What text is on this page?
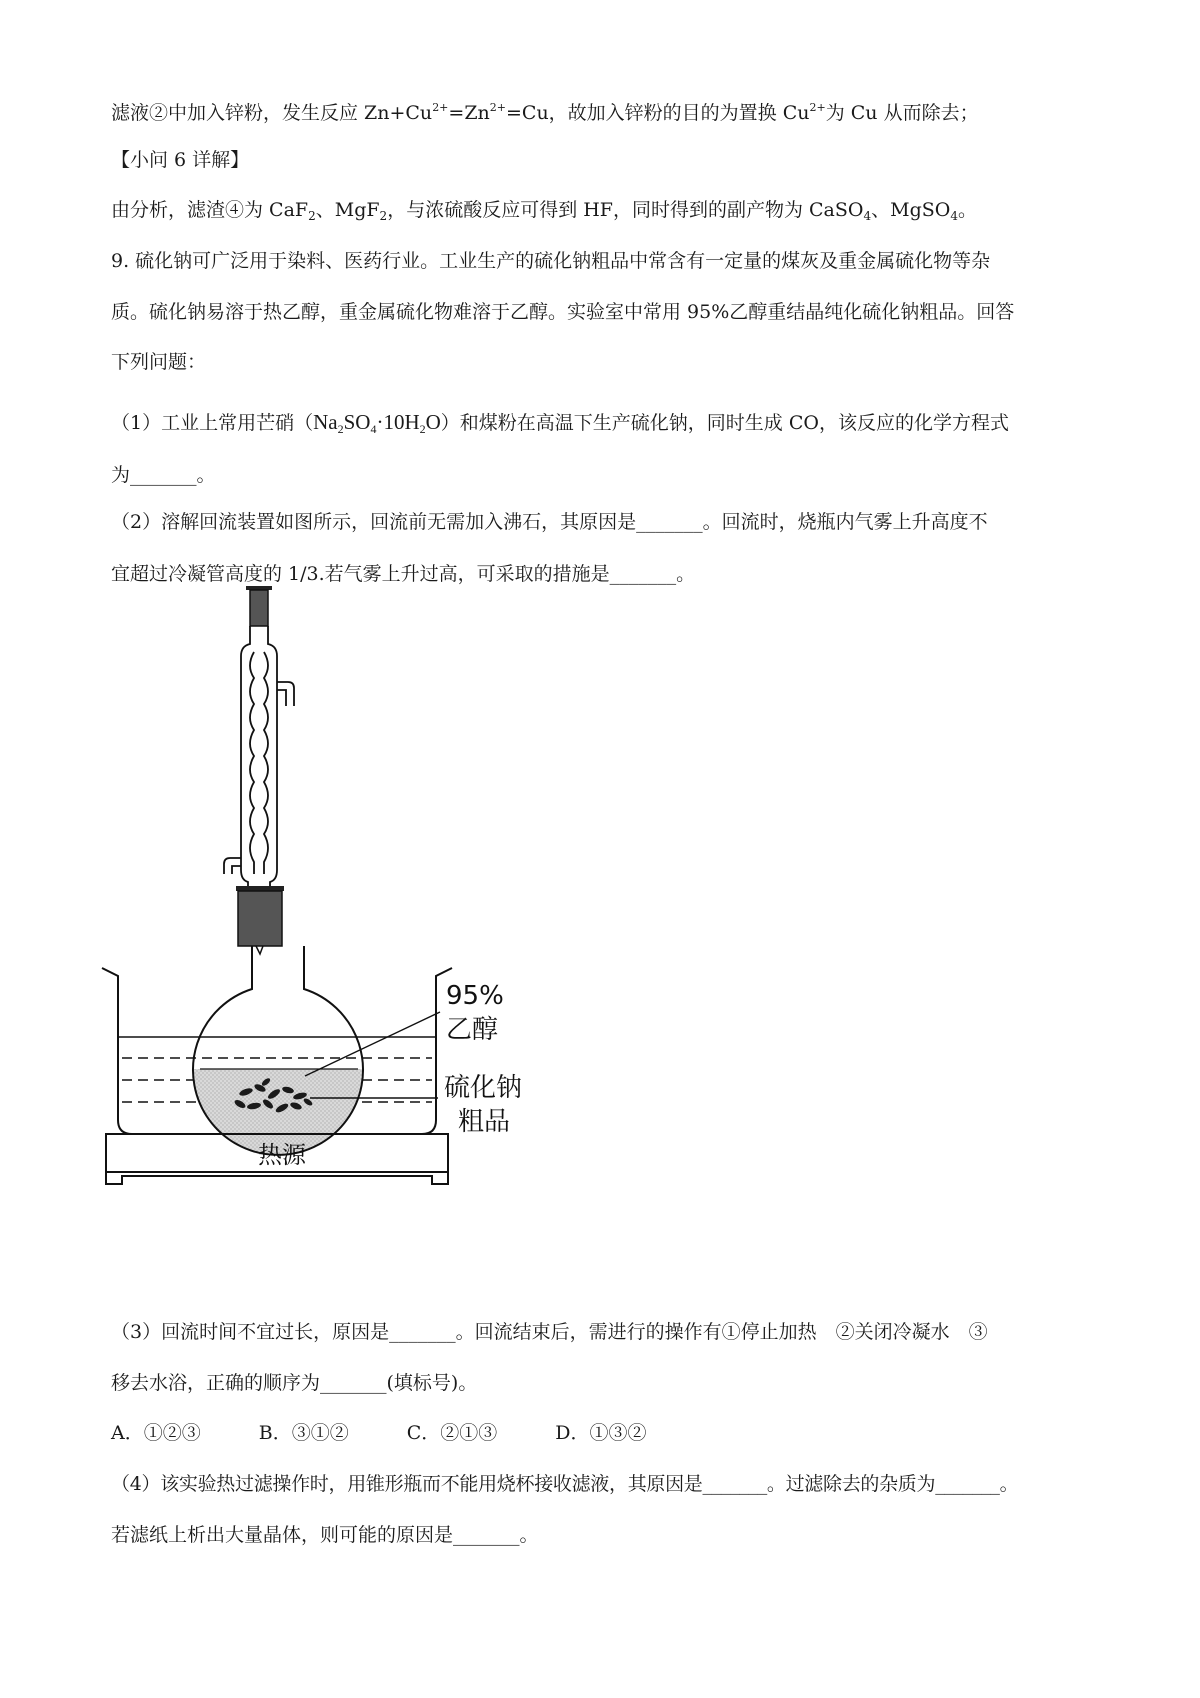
滤液②中加入锌粉，发生反应 $Zn+Cu^{2+}=Zn^{2+}=Cu$，故加入锌粉的目的为置换 $Cu^{2+}$为 Cu 从而除去；
【小问 6 详解】
由分析，滤渣④为 CaF$_2$、MgF$_2$，与浓硫酸反应可得到 HF，同时得到的副产物为 CaSO$_4$、MgSO$_4$。
9. 硫化钠可广泛用于染料、医药行业。工业生产的硫化钠粗品中常含有一定量的煤灰及重金属硫化物等杂
质。硫化钠易溶于热乙醇，重金属硫化物难溶于乙醇。实验室中常用 95%乙醇重结晶纯化硫化钠粗品。回答
下列问题：
（1）工业上常用芒硝$(Na_2SO_4\cdot 10H_2O)$和煤粉在高温下生产硫化钠，同时生成 CO，该反应的化学方程式
为_______。
（2）溶解回流装置如图所示，回流前无需加入沸石，其原因是_______。回流时，烧瓶内气雾上升高度不
宜超过冷凝管高度的 1/3.若气雾上升过高，可采取的措施是_______。
热源
95%
乙醇
硫化钠
粗品
（3）回流时间不宜过长，原因是_______。回流结束后，需进行的操作有①停止加热　②关闭冷凝水　③
移去水浴，正确的顺序为_______(填标号)。
A．①②③	B．③①②	C．②①③	D．①③②
（4）该实验热过滤操作时，用锥形瓶而不能用烧杯接收滤液，其原因是_______。过滤除去的杂质为_______。
若滤纸上析出大量晶体，则可能的原因是_______。
